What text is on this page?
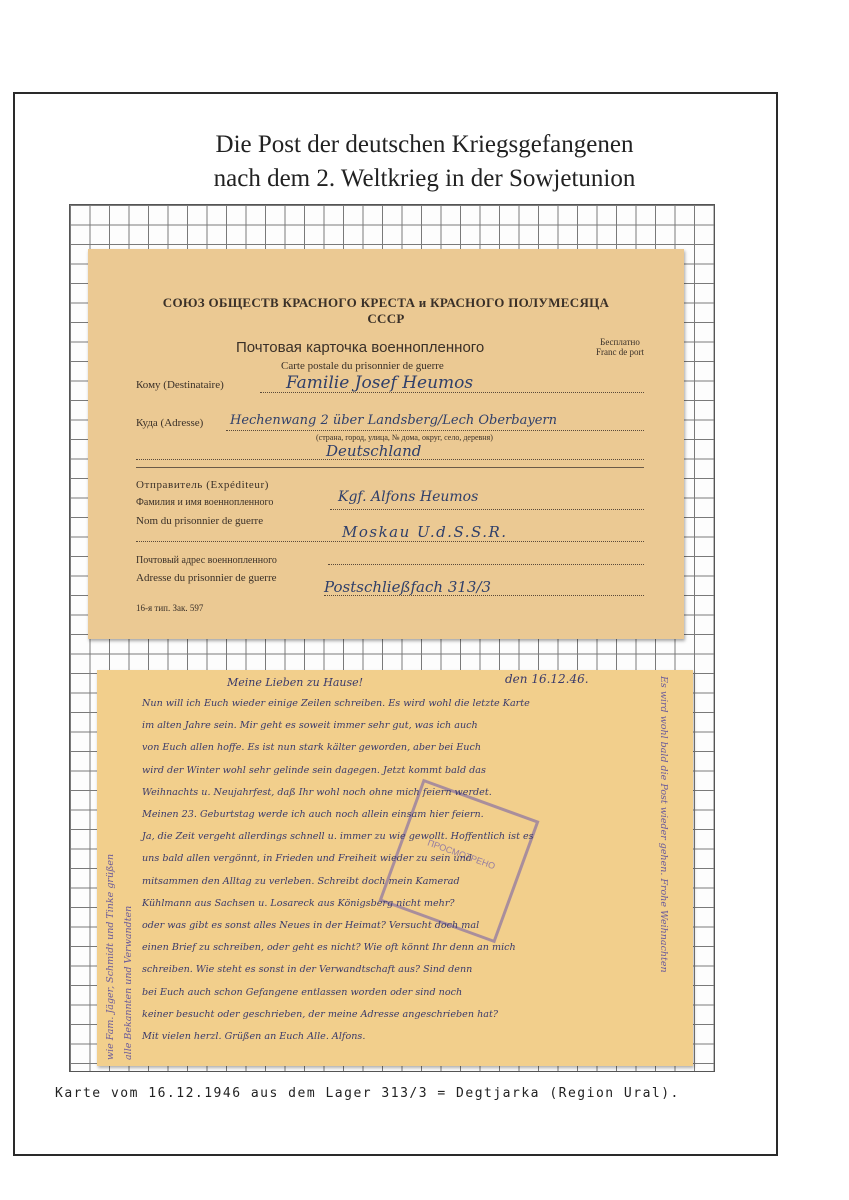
Die Post der deutschen Kriegsgefangenen
nach dem 2. Weltkrieg in der Sowjetunion
СОЮЗ ОБЩЕСТВ КРАСНОГО КРЕСТА и КРАСНОГО ПОЛУМЕСЯЦА
СССР
Почтовая карточка военнопленного
Carte postale du prisonnier de guerre
Бесплатно
Franc de port
Кому (Destinataire)	Familie Josef Heumos
Куда (Adresse) Hechenwang 2 über Landsberg/Lech Oberbayern
(страна, город, улица, № дома, округ, село, деревня)
Deutschland
Отправитель (Expéditeur)
Фамилия и имя военнопленного	Kgf. Alfons Heumos
Nom du prisonnier de guerre
Moskau U.d.S.S.R.
Почтовый адрес военнопленного
Adresse du prisonnier de guerre	Postschließfach 313/3
16-я тип. Зак. 597
ПРОСМОТРЕНО
Meine Lieben zu Hause!	den 16.12.46.
Nun will ich Euch wieder einige Zeilen schreiben. Es wird wohl die letzte Karte
im alten Jahre sein. Mir geht es soweit immer sehr gut, was ich auch
von Euch allen hoffe. Es ist nun stark kälter geworden, aber bei Euch
wird der Winter wohl sehr gelinde sein dagegen. Jetzt kommt bald das
Weihnachts u. Neujahrfest, daß Ihr wohl noch ohne mich feiern werdet.
Meinen 23. Geburtstag werde ich auch noch allein einsam hier feiern.
Ja, die Zeit vergeht allerdings schnell u. immer zu wie gewollt. Hoffentlich ist es
uns bald allen vergönnt, in Frieden und Freiheit wieder zu sein und
mitsammen den Alltag zu verleben. Schreibt doch mein Kamerad
Kühlmann aus Sachsen u. Losareck aus Königsberg nicht mehr?
oder was gibt es sonst alles Neues in der Heimat? Versucht doch mal
einen Brief zu schreiben, oder geht es nicht? Wie oft könnt Ihr denn an mich
schreiben. Wie steht es sonst in der Verwandtschaft aus? Sind denn
bei Euch auch schon Gefangene entlassen worden oder sind noch
keiner besucht oder geschrieben, der meine Adresse angeschrieben hat?
Mit vielen herzl. Grüßen an Euch Alle. Alfons.
alle Bekannten und Verwandten
wie Fam. Jäger, Schmidt und Tinke grüßen	Es wird wohl bald die Post wieder gehen. Frohe Weihnachten
Karte vom 16.12.1946 aus dem Lager 313/3 = Degtjarka (Region Ural).
